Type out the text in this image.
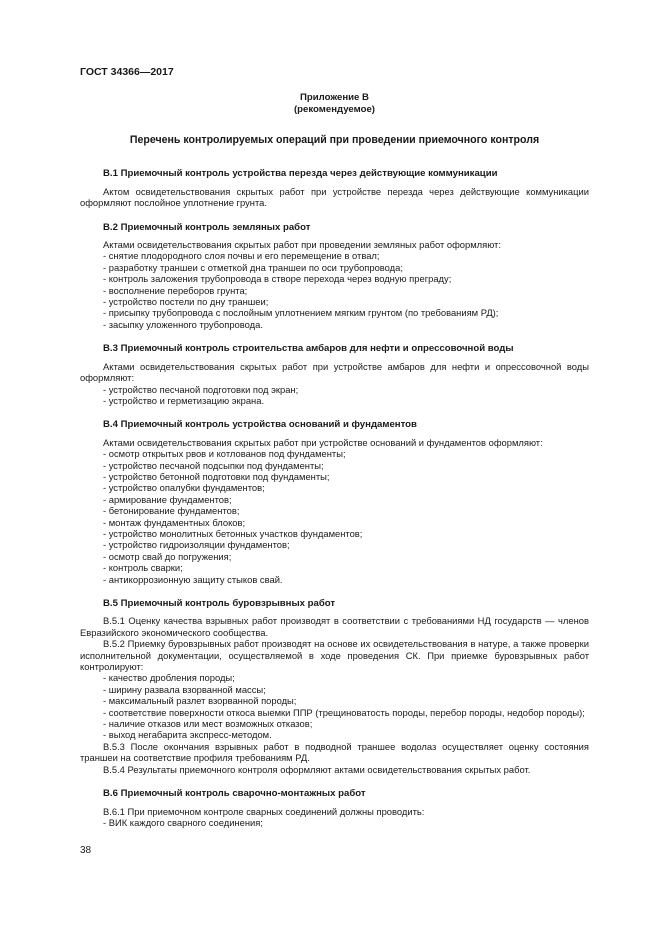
ГОСТ 34366—2017
Приложение В
(рекомендуемое)
Перечень контролируемых операций при проведении приемочного контроля
В.1 Приемочный контроль устройства перезда через действующие коммуникации

Актом освидетельствования скрытых работ при устройстве перезда через действующие коммуникации оформляют послойное уплотнение грунта.

В.2 Приемочный контроль земляных работ

Актами освидетельствования скрытых работ при проведении земляных работ оформляют:

- снятие плодородного слоя почвы и его перемещение в отвал;
- разработку траншеи с отметкой дна траншеи по оси трубопровода;
- контроль заложения трубопровода в створе перехода через водную преграду;
- восполнение переборов грунта;
- устройство постели по дну траншеи;
- присыпку трубопровода с послойным уплотнением мягким грунтом (по требованиям РД);
- засыпку уложенного трубопровода.
В.3 Приемочный контроль строительства амбаров для нефти и опрессовочной воды

Актами освидетельствования скрытых работ при устройстве амбаров для нефти и опрессовочной воды оформляют:

- устройство песчаной подготовки под экран;
- устройство и герметизацию экрана.
В.4 Приемочный контроль устройства оснований и фундаментов

Актами освидетельствования скрытых работ при устройстве оснований и фундаментов оформляют:

- осмотр открытых рвов и котлованов под фундаменты;
- устройство песчаной подсыпки под фундаменты;
- устройство бетонной подготовки под фундаменты;
- устройство опалубки фундаментов;
- армирование фундаментов;
- бетонирование фундаментов;
- монтаж фундаментных блоков;
- устройство монолитных бетонных участков фундаментов;
- устройство гидроизоляции фундаментов;
- осмотр свай до погружения;
- контроль сварки;
- антикоррозионную защиту стыков свай.
В.5 Приемочный контроль буровзрывных работ

В.5.1 Оценку качества взрывных работ производят в соответствии с требованиями НД государств — членов Евразийского экономического сообщества.

В.5.2 Приемку буровзрывных работ производят на основе их освидетельствования в натуре, а также проверки исполнительной документации, осуществляемой в ходе проведения СК. При приемке буровзрывных работ контролируют:

- качество дробления породы;
- ширину развала взорванной массы;
- максимальный разлет взорванной породы;
- соответствие поверхности откоса выемки ППР (трещиноватость породы, перебор породы, недобор породы);
- наличие отказов или мест возможных отказов;
- выход негабарита экспресс-методом.

В.5.3 После окончания взрывных работ в подводной траншее водолаз осуществляет оценку состояния траншеи на соответствие профиля требованиям РД.

В.5.4 Результаты приемочного контроля оформляют актами освидетельствования скрытых работ.

В.6 Приемочный контроль сварочно-монтажных работ

В.6.1 При приемочном контроле сварных соединений должны проводить:

- ВИК каждого сварного соединения;
38
